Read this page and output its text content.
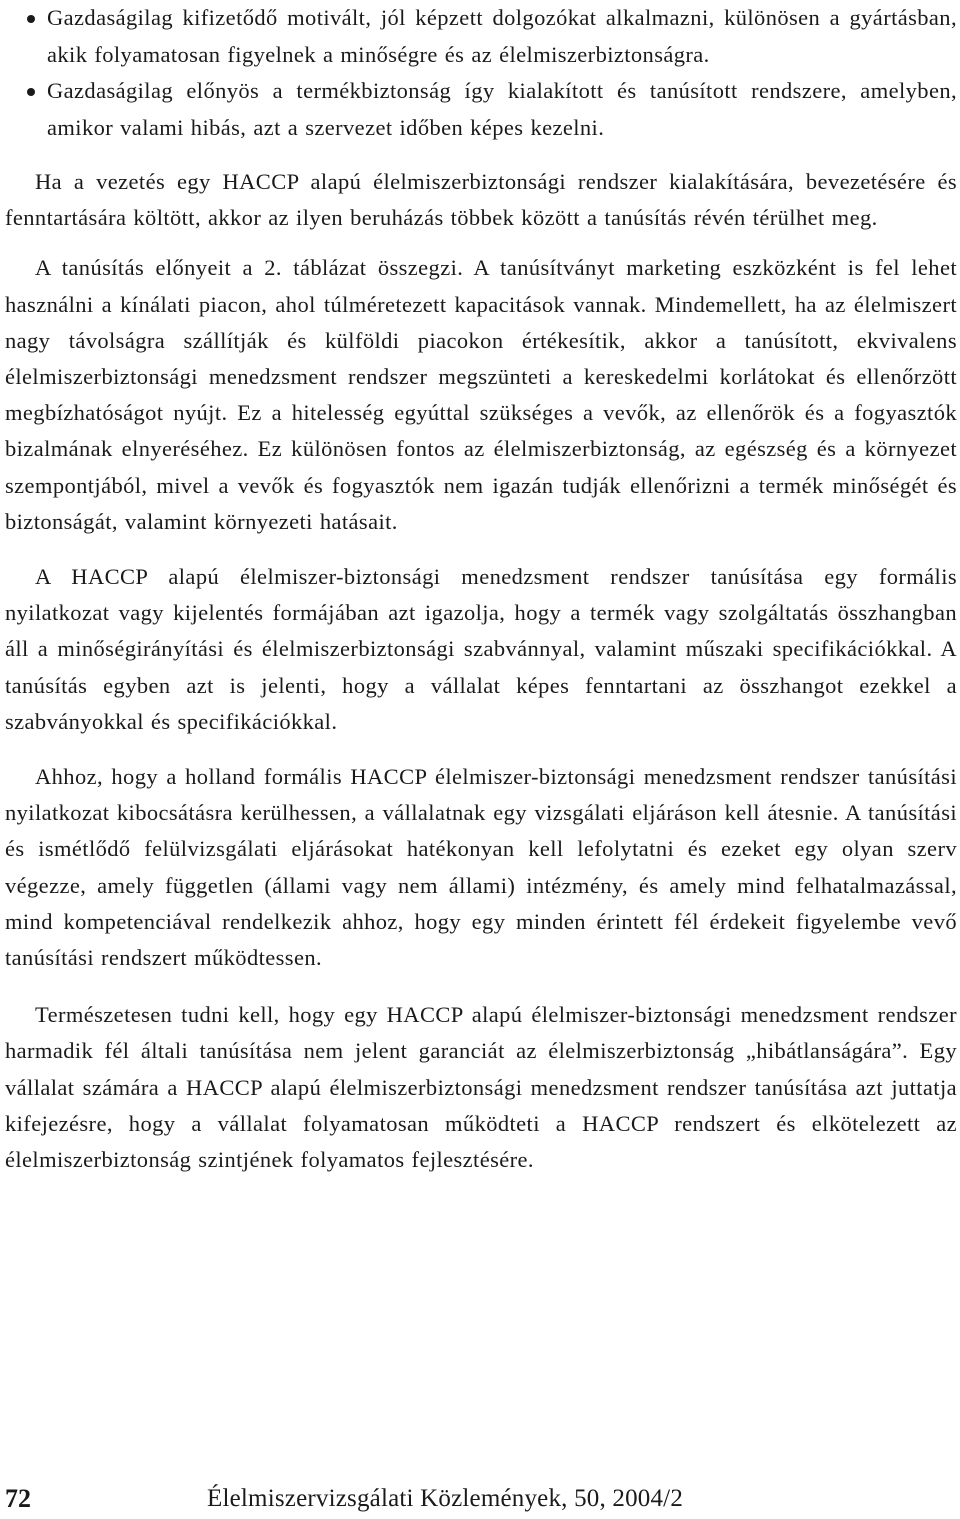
Gazdaságilag kifizetődő motivált, jól képzett dolgozókat alkalmazni, különösen a gyártásban, akik folyamatosan figyelnek a minőségre és az élelmiszerbiztonságra.
Gazdaságilag előnyös a termékbiztonság így kialakított és tanúsított rendszere, amelyben, amikor valami hibás, azt a szervezet időben képes kezelni.

Ha a vezetés egy HACCP alapú élelmiszerbiztonsági rendszer kialakítására, bevezetésére és fenntartására költött, akkor az ilyen beruházás többek között a tanúsítás révén térülhet meg.

A tanúsítás előnyeit a 2. táblázat összegzi. A tanúsítványt marketing eszközként is fel lehet használni a kínálati piacon, ahol túlméretezett kapacitások vannak. Mindemellett, ha az élelmiszert nagy távolságra szállítják és külföldi piacokon értékesítik, akkor a tanúsított, ekvivalens élelmiszerbiztonsági menedzsment rendszer megszünteti a kereskedelmi korlátokat és ellenőrzött megbízhatóságot nyújt. Ez a hitelesség egyúttal szükséges a vevők, az ellenőrök és a fogyasztók bizalmának elnyeréséhez. Ez különösen fontos az élelmiszerbiztonság, az egészség és a környezet szempontjából, mivel a vevők és fogyasztók nem igazán tudják ellenőrizni a termék minőségét és biztonságát, valamint környezeti hatásait.

A HACCP alapú élelmiszer-biztonsági menedzsment rendszer tanúsítása egy formális nyilatkozat vagy kijelentés formájában azt igazolja, hogy a termék vagy szolgáltatás összhangban áll a minőségirányítási és élelmiszerbiztonsági szabvánnyal, valamint műszaki specifikációkkal. A tanúsítás egyben azt is jelenti, hogy a vállalat képes fenntartani az összhangot ezekkel a szabványokkal és specifikációkkal.

Ahhoz, hogy a holland formális HACCP élelmiszer-biztonsági menedzsment rendszer tanúsítási nyilatkozat kibocsátásra kerülhessen, a vállalatnak egy vizsgálati eljáráson kell átesnie. A tanúsítási és ismétlődő felülvizsgálati eljárásokat hatékonyan kell lefolytatni és ezeket egy olyan szerv végezze, amely független (állami vagy nem állami) intézmény, és amely mind felhatalmazással, mind kompetenciával rendelkezik ahhoz, hogy egy minden érintett fél érdekeit figyelembe vevő tanúsítási rendszert működtessen.

Természetesen tudni kell, hogy egy HACCP alapú élelmiszer-biztonsági menedzsment rendszer harmadik fél általi tanúsítása nem jelent garanciát az élelmiszerbiztonság „hibátlanságára”. Egy vállalat számára a HACCP alapú élelmiszerbiztonsági menedzsment rendszer tanúsítása azt juttatja kifejezésre, hogy a vállalat folyamatosan működteti a HACCP rendszert és elkötelezett az élelmiszerbiztonság szintjének folyamatos fejlesztésére.

72	Élelmiszervizsgálati Közlemények, 50, 2004/2
